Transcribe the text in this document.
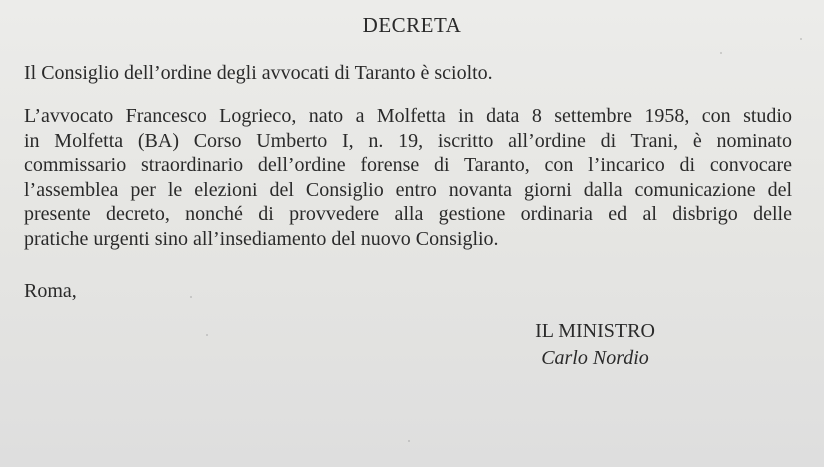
DECRETA
Il Consiglio dell’ordine degli avvocati di Taranto è sciolto.
L’avvocato Francesco Logrieco, nato a Molfetta in data 8 settembre 1958, con studio
in Molfetta (BA) Corso Umberto I, n. 19, iscritto all’ordine di Trani, è nominato
commissario straordinario dell’ordine forense di Taranto, con l’incarico di convocare
l’assemblea per le elezioni del Consiglio entro novanta giorni dalla comunicazione del
presente decreto, nonché di provvedere alla gestione ordinaria ed al disbrigo delle
pratiche urgenti sino all’insediamento del nuovo Consiglio.
Roma,
IL MINISTRO
Carlo Nordio
